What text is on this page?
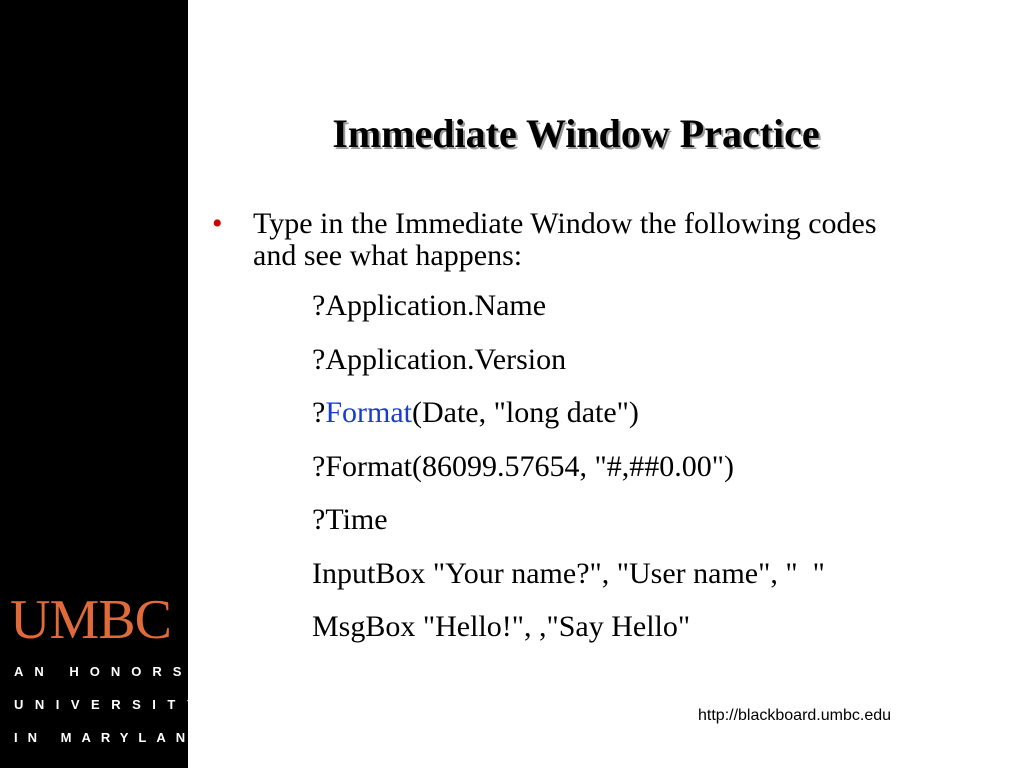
UMBC
AN HONORS
UNIVERSITY
IN MARYLAND
Immediate Window Practice
• Type in the Immediate Window the following codes and see what happens:
?Application.Name
?Application.Version
?Format(Date, "long date")
?Format(86099.57654, "#,##0.00")
?Time
InputBox "Your name?", "User name", "  "
MsgBox "Hello!", ,"Say Hello"
http://blackboard.umbc.edu
